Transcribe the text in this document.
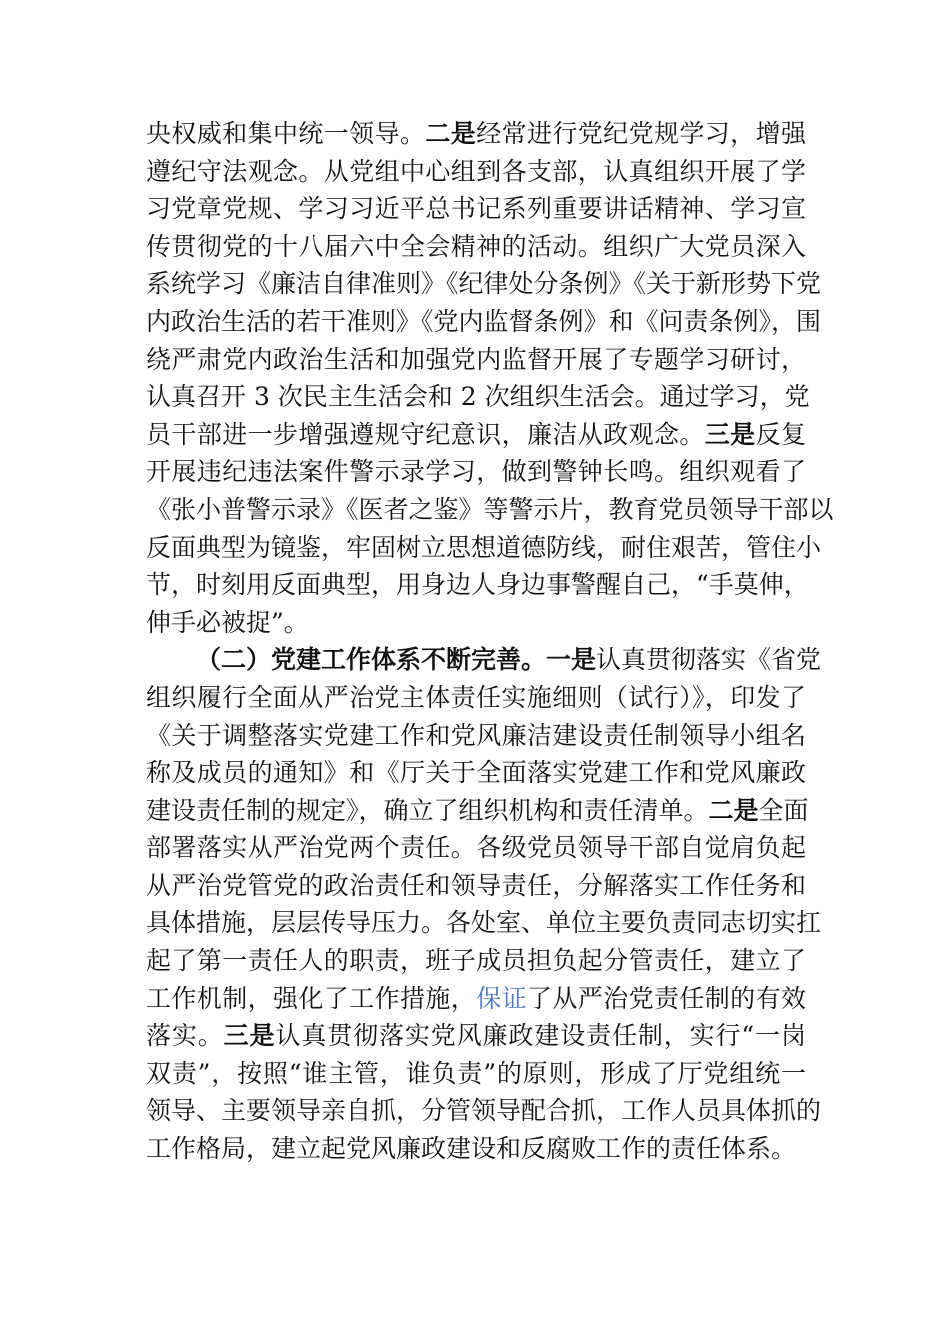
央权威和集中统一领导。二是经常进行党纪党规学习，增强
遵纪守法观念。从党组中心组到各支部，认真组织开展了学
习党章党规、学习习近平总书记系列重要讲话精神、学习宣
传贯彻党的十八届六中全会精神的活动。组织广大党员深入
系统学习《廉洁自律准则》《纪律处分条例》《关于新形势下党
内政治生活的若干准则》《党内监督条例》和《问责条例》，围
绕严肃党内政治生活和加强党内监督开展了专题学习研讨，
认真召开 3 次民主生活会和 2 次组织生活会。通过学习，党
员干部进一步增强遵规守纪意识，廉洁从政观念。三是反复
开展违纪违法案件警示录学习，做到警钟长鸣。组织观看了
《张小普警示录》《医者之鉴》等警示片，教育党员领导干部以
反面典型为镜鉴，牢固树立思想道德防线，耐住艰苦，管住小
节，时刻用反面典型，用身边人身边事警醒自己，“手莫伸，
伸手必被捉”。
（二）党建工作体系不断完善。一是认真贯彻落实《省党
组织履行全面从严治党主体责任实施细则（试行）》，印发了
《关于调整落实党建工作和党风廉洁建设责任制领导小组名
称及成员的通知》和《厅关于全面落实党建工作和党风廉政
建设责任制的规定》，确立了组织机构和责任清单。二是全面
部署落实从严治党两个责任。各级党员领导干部自觉肩负起
从严治党管党的政治责任和领导责任，分解落实工作任务和
具体措施，层层传导压力。各处室、单位主要负责同志切实扛
起了第一责任人的职责，班子成员担负起分管责任，建立了
工作机制，强化了工作措施，保证了从严治党责任制的有效
落实。三是认真贯彻落实党风廉政建设责任制，实行“一岗
双责”，按照“谁主管，谁负责”的原则，形成了厅党组统一
领导、主要领导亲自抓，分管领导配合抓，工作人员具体抓的
工作格局，建立起党风廉政建设和反腐败工作的责任体系。
